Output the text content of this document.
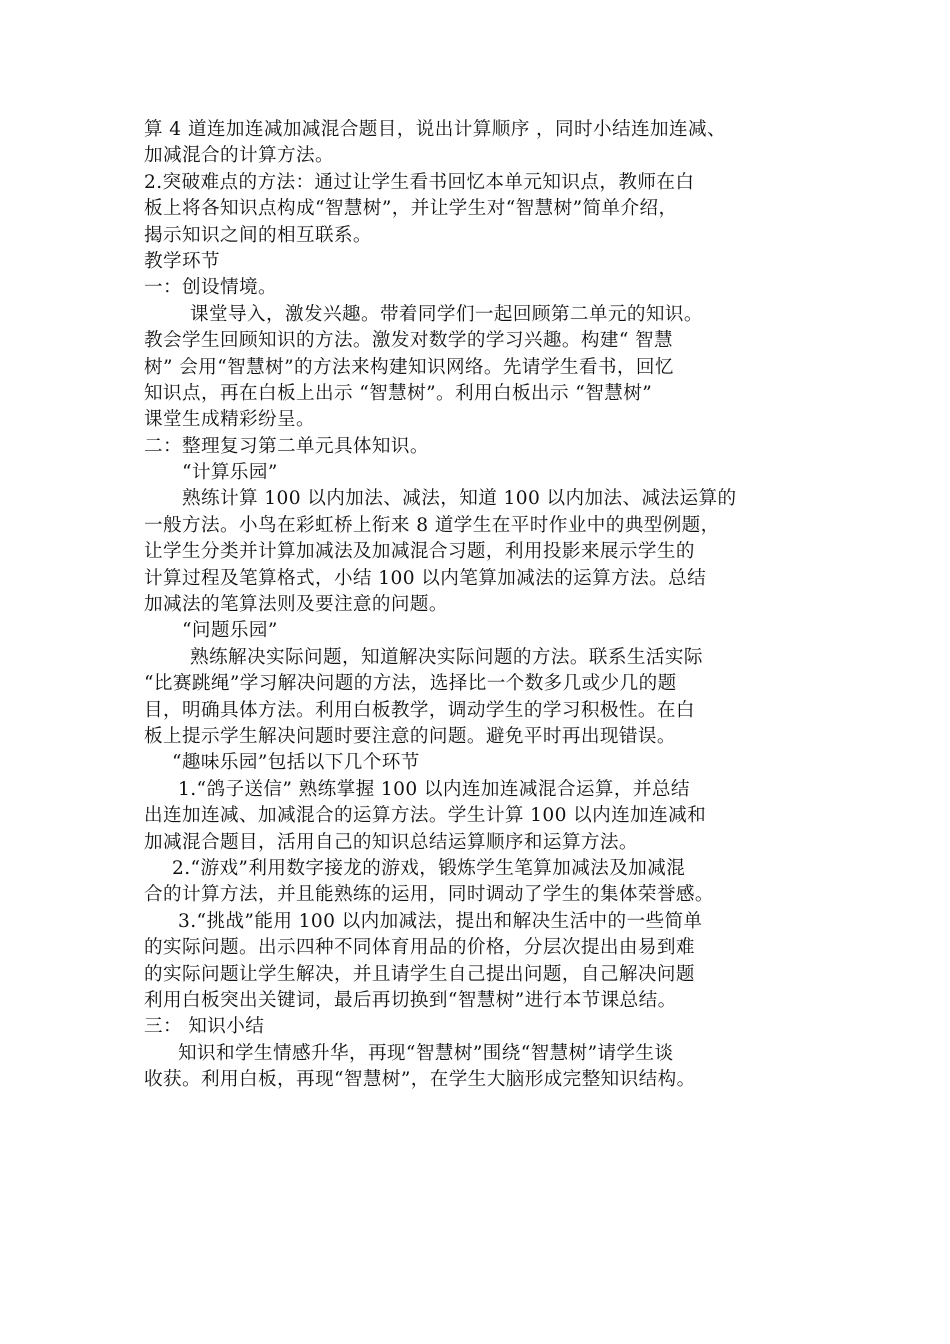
算 4 道连加连减加减混合题目，说出计算顺序 ，同时小结连加连减、
加减混合的计算方法。
2.突破难点的方法：通过让学生看书回忆本单元知识点，教师在白
板上将各知识点构成“智慧树”，并让学生对“智慧树”简单介绍，
揭示知识之间的相互联系。
教学环节
一：创设情境。
课堂导入，激发兴趣。带着同学们一起回顾第二单元的知识。
教会学生回顾知识的方法。激发对数学的学习兴趣。构建“ 智慧
树” 会用“智慧树”的方法来构建知识网络。先请学生看书，回忆
知识点，再在白板上出示 “智慧树”。利用白板出示 “智慧树”
课堂生成精彩纷呈。
二：整理复习第二单元具体知识。
“计算乐园”
熟练计算 100 以内加法、减法，知道 100 以内加法、减法运算的
一般方法。小鸟在彩虹桥上衔来 8 道学生在平时作业中的典型例题，
让学生分类并计算加减法及加减混合习题，利用投影来展示学生的
计算过程及笔算格式，小结 100 以内笔算加减法的运算方法。总结
加减法的笔算法则及要注意的问题。
“问题乐园”
熟练解决实际问题，知道解决实际问题的方法。联系生活实际
“比赛跳绳”学习解决问题的方法，选择比一个数多几或少几的题
目，明确具体方法。利用白板教学，调动学生的学习积极性。在白
板上提示学生解决问题时要注意的问题。避免平时再出现错误。
“趣味乐园”包括以下几个环节
1.“鸽子送信” 熟练掌握 100 以内连加连减混合运算，并总结
出连加连减、加减混合的运算方法。学生计算 100 以内连加连减和
加减混合题目，活用自己的知识总结运算顺序和运算方法。
2.“游戏”利用数字接龙的游戏，锻炼学生笔算加减法及加减混
合的计算方法，并且能熟练的运用，同时调动了学生的集体荣誉感。
3.“挑战”能用 100 以内加减法，提出和解决生活中的一些简单
的实际问题。出示四种不同体育用品的价格，分层次提出由易到难
的实际问题让学生解决，并且请学生自己提出问题，自己解决问题
利用白板突出关键词，最后再切换到“智慧树”进行本节课总结。
三： 知识小结
知识和学生情感升华，再现“智慧树”围绕“智慧树”请学生谈
收获。利用白板，再现“智慧树”，在学生大脑形成完整知识结构。
